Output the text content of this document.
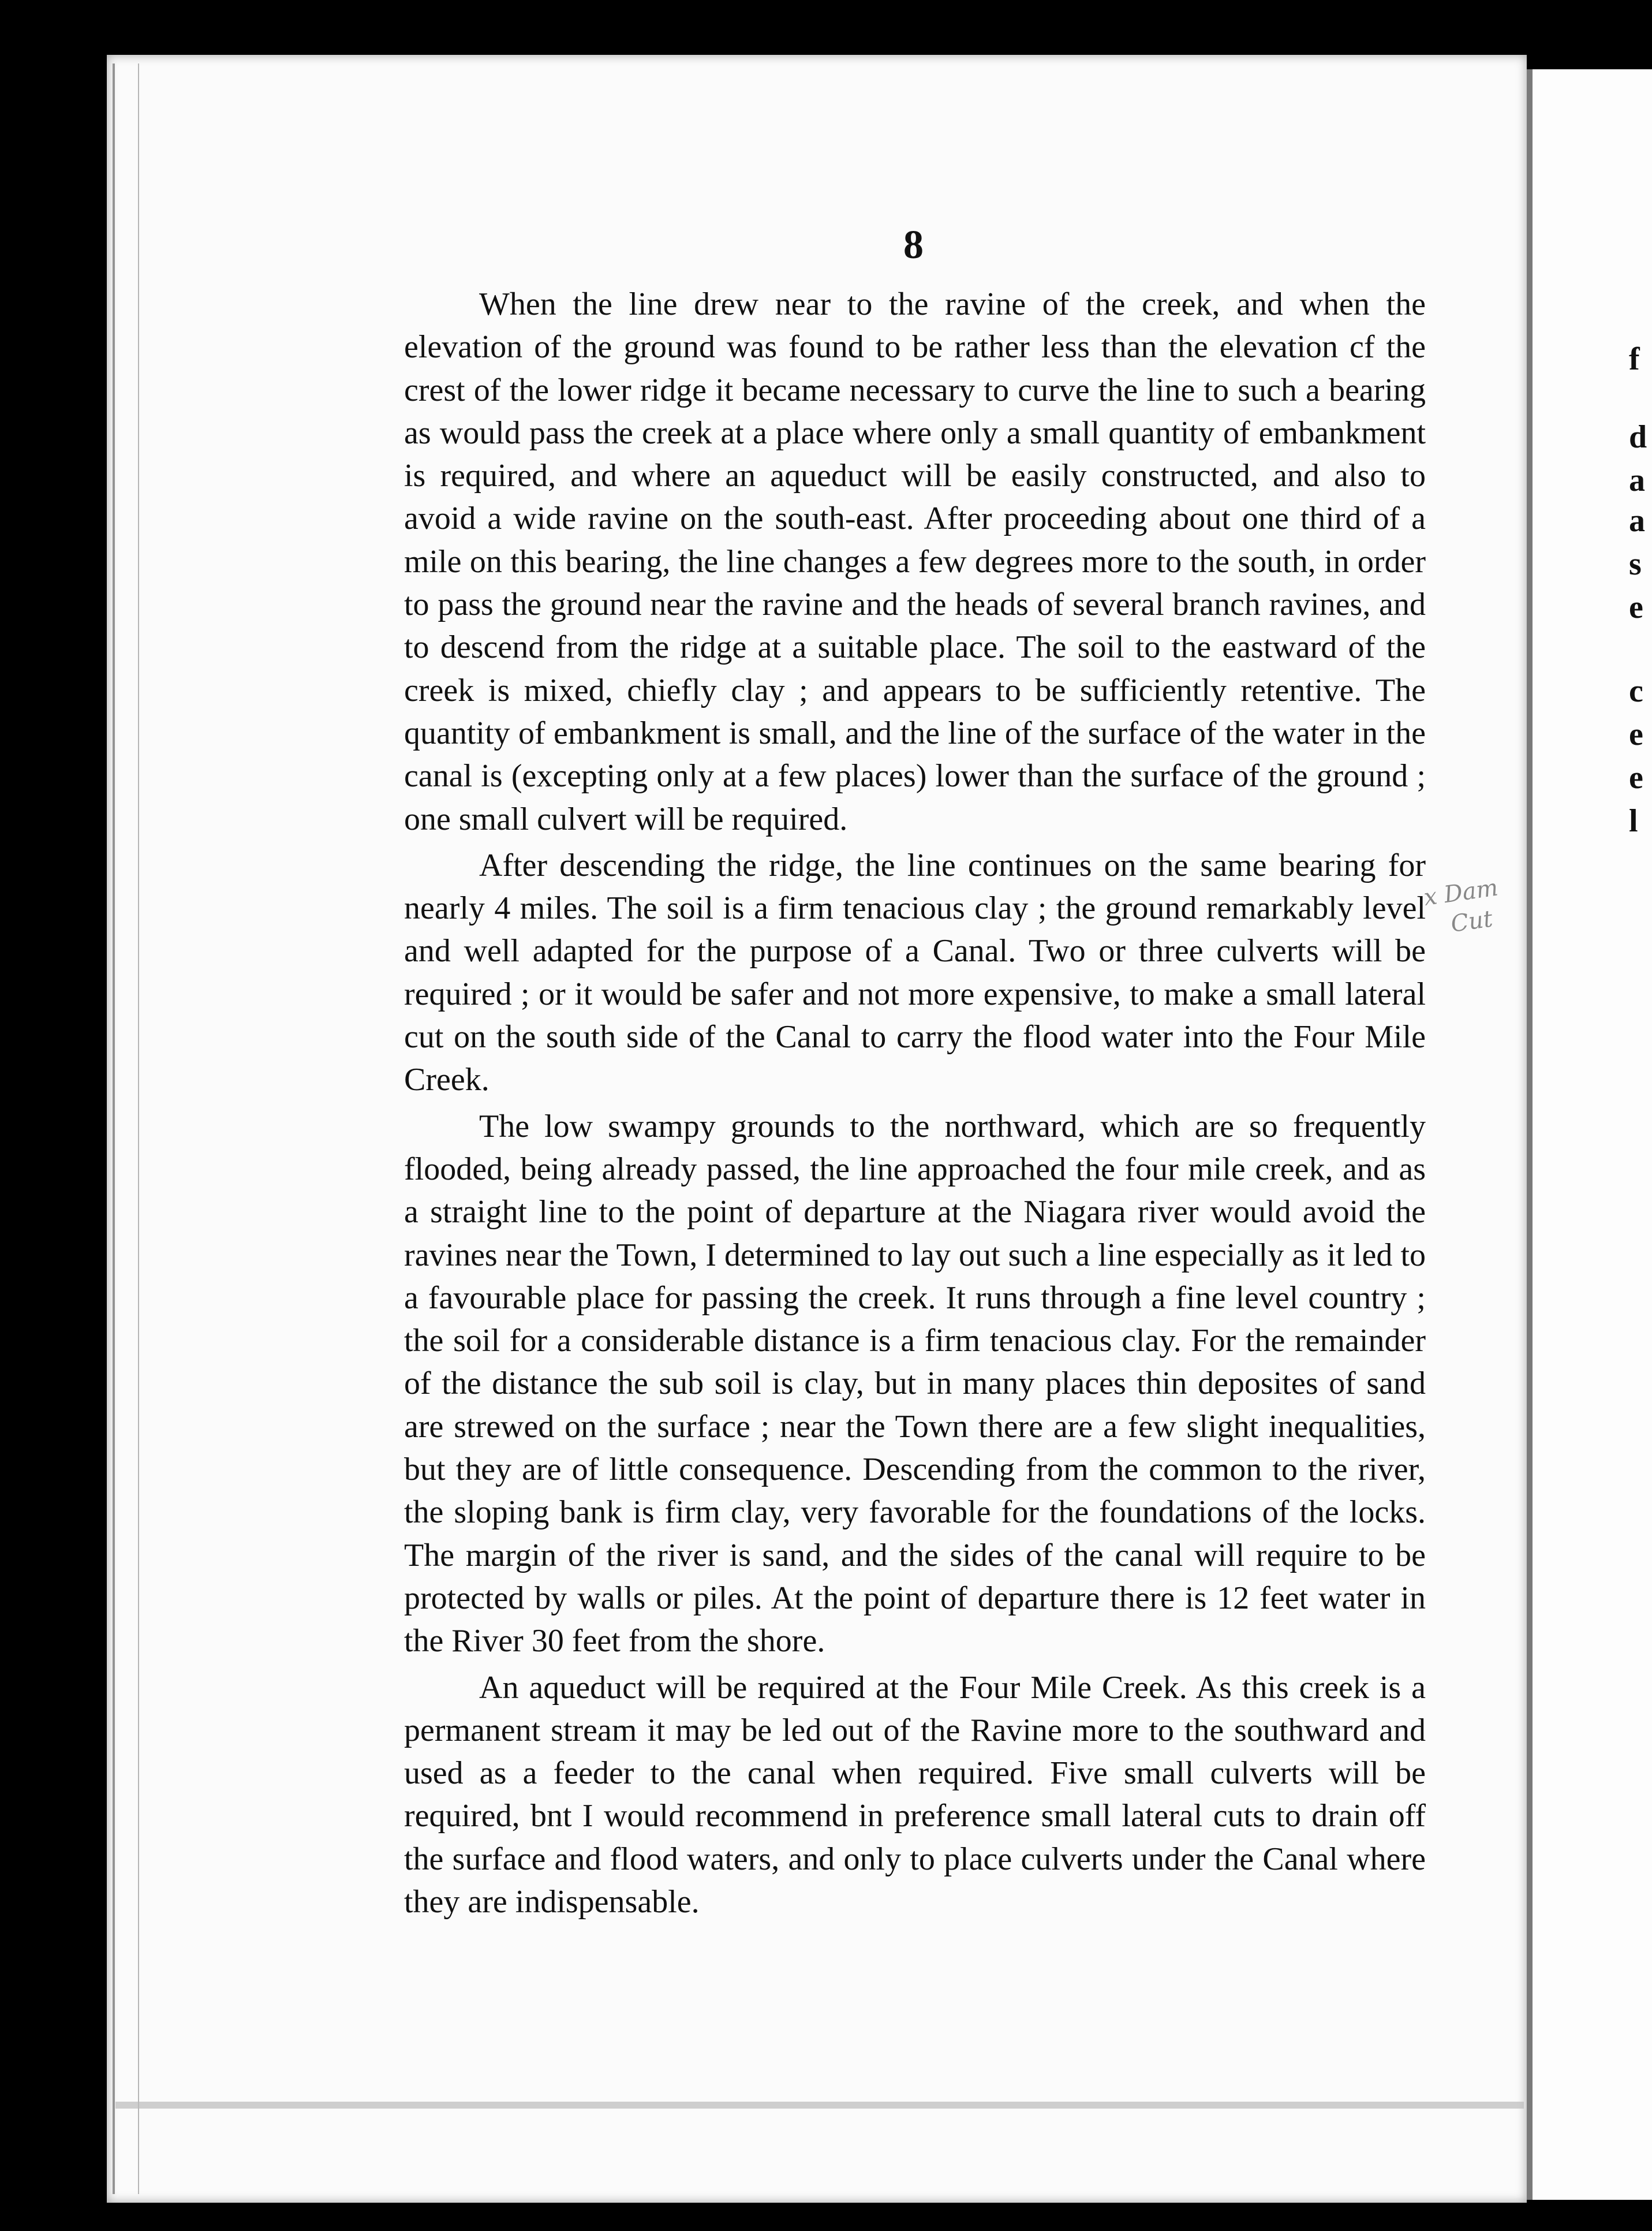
f
d
a
a
s
e
c
e
e
l
8

When the line drew near to the ravine of the creek, and when the elevation of the ground was found to be rather less than the elevation cf the crest of the lower ridge it became necessary to curve the line to such a bearing as would pass the creek at a place where only a small quantity of embankment is required, and where an aqueduct will be easily constructed, and also to avoid a wide ravine on the south-east. After proceeding about one third of a mile on this bearing, the line changes a few degrees more to the south, in order to pass the ground near the ravine and the heads of several branch ravines, and to descend from the ridge at a suitable place. The soil to the eastward of the creek is mixed, chiefly clay ; and appears to be sufficiently retentive. The quantity of embankment is small, and the line of the surface of the water in the canal is (excepting only at a few places) lower than the surface of the ground ; one small culvert will be required.

After descending the ridge, the line continues on the same bearing for nearly 4 miles. The soil is a firm tenacious clay ; the ground remarkably level and well adapted for the purpose of a Canal. Two or three culverts will be required ; or it would be safer and not more expensive, to make a small lateral cut on the south side of the Canal to carry the flood water into the Four Mile Creek.

The low swampy grounds to the northward, which are so frequently flooded, being already passed, the line approached the four mile creek, and as a straight line to the point of departure at the Niagara river would avoid the ravines near the Town, I determined to lay out such a line especially as it led to a favourable place for passing the creek. It runs through a fine level country ; the soil for a considerable distance is a firm tenacious clay. For the remainder of the distance the sub soil is clay, but in many places thin deposites of sand are strewed on the surface ; near the Town there are a few slight inequalities, but they are of little consequence. Descending from the common to the river, the sloping bank is firm clay, very favorable for the foundations of the locks. The margin of the river is sand, and the sides of the canal will require to be protected by walls or piles. At the point of departure there is 12 feet water in the River 30 feet from the shore.

An aqueduct will be required at the Four Mile Creek. As this creek is a permanent stream it may be led out of the Ravine more to the southward and used as a feeder to the canal when required. Five small culverts will be required, bnt I would recommend in preference small lateral cuts to drain off the surface and flood waters, and only to place culverts under the Canal where they are indispensable.

x Dam
Cut
